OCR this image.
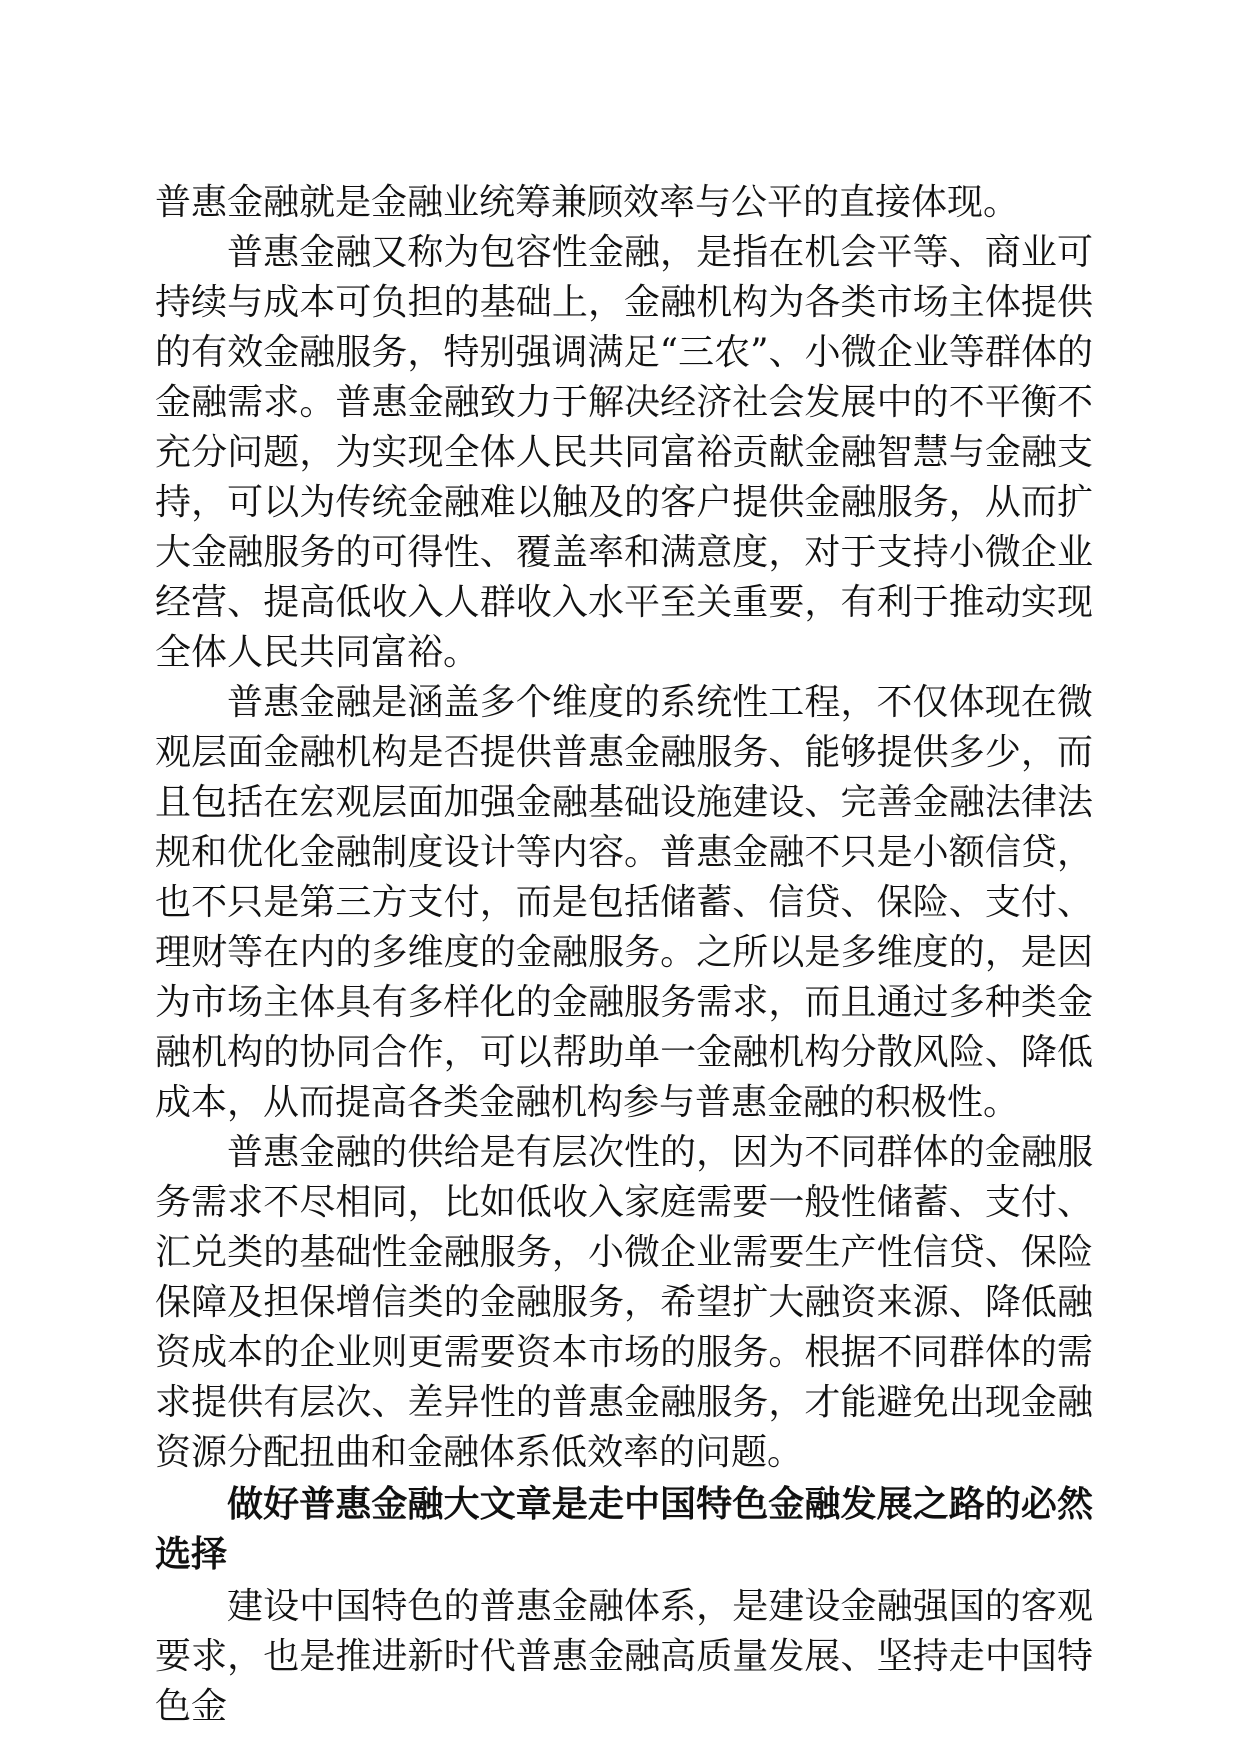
普惠金融就是金融业统筹兼顾效率与公平的直接体现。

普惠金融又称为包容性金融，是指在机会平等、商业可持续与成本可负担的基础上，金融机构为各类市场主体提供的有效金融服务，特别强调满足“三农”、小微企业等群体的金融需求。普惠金融致力于解决经济社会发展中的不平衡不充分问题，为实现全体人民共同富裕贡献金融智慧与金融支持，可以为传统金融难以触及的客户提供金融服务，从而扩大金融服务的可得性、覆盖率和满意度，对于支持小微企业经营、提高低收入人群收入水平至关重要，有利于推动实现全体人民共同富裕。

普惠金融是涵盖多个维度的系统性工程，不仅体现在微观层面金融机构是否提供普惠金融服务、能够提供多少，而且包括在宏观层面加强金融基础设施建设、完善金融法律法规和优化金融制度设计等内容。普惠金融不只是小额信贷，也不只是第三方支付，而是包括储蓄、信贷、保险、支付、理财等在内的多维度的金融服务。之所以是多维度的，是因为市场主体具有多样化的金融服务需求，而且通过多种类金融机构的协同合作，可以帮助单一金融机构分散风险、降低成本，从而提高各类金融机构参与普惠金融的积极性。

普惠金融的供给是有层次性的，因为不同群体的金融服务需求不尽相同，比如低收入家庭需要一般性储蓄、支付、汇兑类的基础性金融服务，小微企业需要生产性信贷、保险保障及担保增信类的金融服务，希望扩大融资来源、降低融资成本的企业则更需要资本市场的服务。根据不同群体的需求提供有层次、差异性的普惠金融服务，才能避免出现金融资源分配扭曲和金融体系低效率的问题。

做好普惠金融大文章是走中国特色金融发展之路的必然选择

建设中国特色的普惠金融体系，是建设金融强国的客观要求，也是推进新时代普惠金融高质量发展、坚持走中国特色金
